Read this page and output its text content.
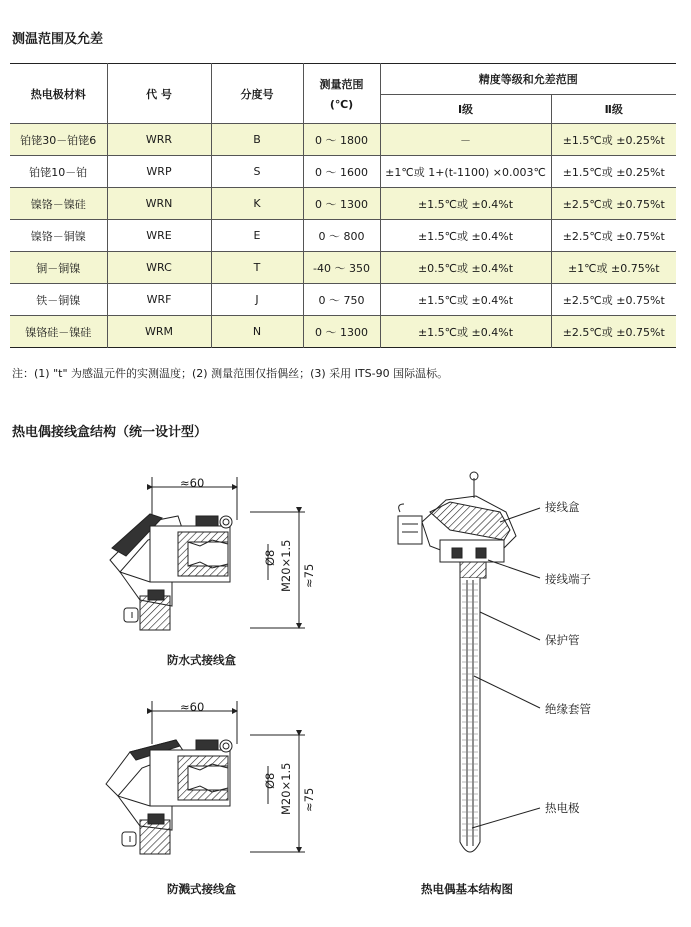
测温范围及允差
热电极材料	代 号	分度号	测量范围
(℃)	精度等级和允差范围	
				Ⅰ级	Ⅱ级
铂铑30－铂铑6	WRR	B	0 ～ 1800	－	±1.5℃或 ±0.25%t
铂铑10－铂	WRP	S	0 ～ 1600	±1℃或 1+(t-1100) ×0.003℃	±1.5℃或 ±0.25%t
镍铬－镍硅	WRN	K	0 ～ 1300	±1.5℃或 ±0.4%t	±2.5℃或 ±0.75%t
镍铬－铜镍	WRE	E	0 ～ 800	±1.5℃或 ±0.4%t	±2.5℃或 ±0.75%t
铜－铜镍	WRC	T	-40 ～ 350	±0.5℃或 ±0.4%t	±1℃或 ±0.75%t
铁－铜镍	WRF	J	0 ～ 750	±1.5℃或 ±0.4%t	±2.5℃或 ±0.75%t
镍铬硅－镍硅	WRM	N	0 ～ 1300	±1.5℃或 ±0.4%t	±2.5℃或 ±0.75%t
注：(1) "t" 为感温元件的实测温度；(2) 测量范围仅指偶丝；(3) 采用 ITS-90 国际温标。
热电偶接线盒结构（统一设计型）
≈60
Ø8 M20×1.5 ≈75
防水式接线盒
≈60
Ø8 M20×1.5 ≈75
防溅式接线盒
接线盒
接线端子
保护管
绝缘套管
热电极
热电偶基本结构图
